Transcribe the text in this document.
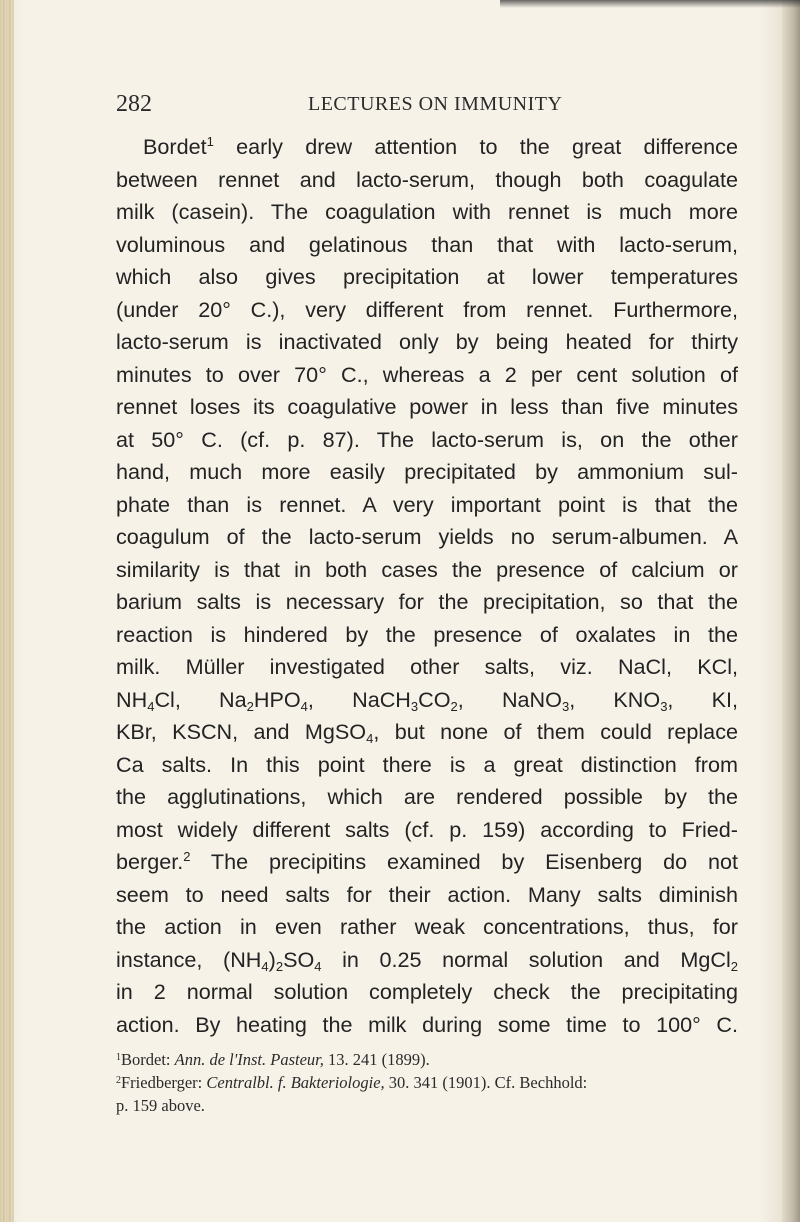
282	LECTURES ON IMMUNITY
Bordet$^1$ early drew attention to the great difference
between rennet and lacto-serum, though both coagulate
milk (casein). The coagulation with rennet is much more
voluminous and gelatinous than that with lacto-serum,
which also gives precipitation at lower temperatures
(under 20° C.), very different from rennet. Furthermore,
lacto-serum is inactivated only by being heated for thirty
minutes to over 70° C., whereas a 2 per cent solution of
rennet loses its coagulative power in less than five minutes
at 50° C. (cf. p. 87). The lacto-serum is, on the other
hand, much more easily precipitated by ammonium sul-
phate than is rennet. A very important point is that the
coagulum of the lacto-serum yields no serum-albumen. A
similarity is that in both cases the presence of calcium or
barium salts is necessary for the precipitation, so that the
reaction is hindered by the presence of oxalates in the
milk. Müller investigated other salts, viz. NaCl, KCl,
$NH_4Cl$, $Na_2HPO_4$, $NaCH_3CO_2$, NaNO$_3$, $KNO_3$, KI,
KBr, KSCN, and MgSO$_4$, but none of them could replace
Ca salts. In this point there is a great distinction from
the agglutinations, which are rendered possible by the
most widely different salts (cf. p. 159) according to Fried-
berger.$^2$ The precipitins examined by Eisenberg do not
seem to need salts for their action. Many salts diminish
the action in even rather weak concentrations, thus, for
instance, $(NH_4)_2SO_4$ in 0.25 normal solution and MgCl$_2$
in 2 normal solution completely check the precipitating
action. By heating the milk during some time to 100° C.
$^1$Bordet: Ann. de l'Inst. Pasteur, 13. 241 (1899).
$^2$Friedberger: Centralbl. f. Bakteriologie, 30. 341 (1901). Cf. Bechhold:
p. 159 above.
